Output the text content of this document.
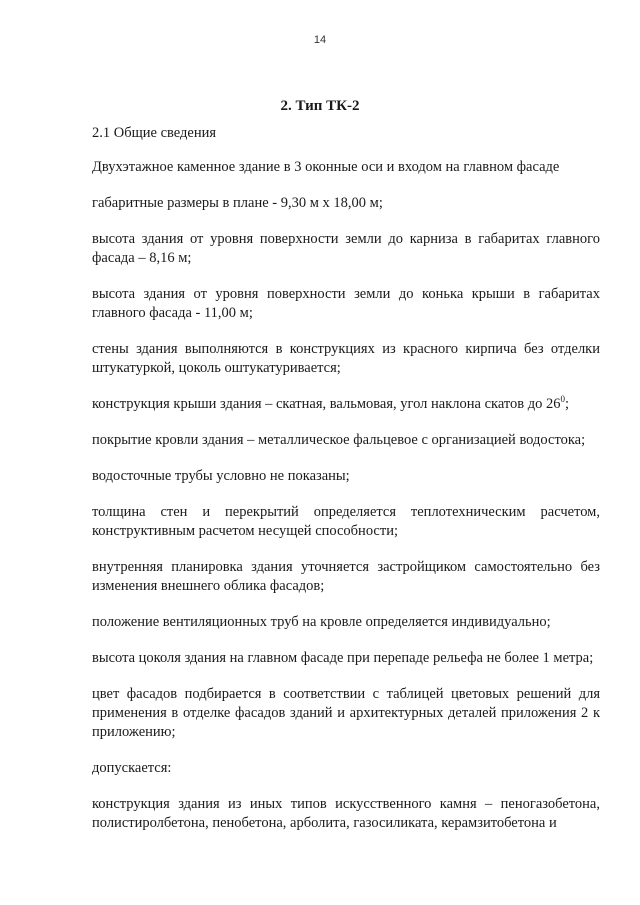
14
2. Тип ТК-2
2.1 Общие сведения

Двухэтажное каменное здание в 3 оконные оси и входом на главном фасаде

габаритные размеры в плане - 9,30 м х 18,00 м;

высота здания от уровня поверхности земли до карниза в габаритах главного фасада – 8,16 м;

высота здания от уровня поверхности земли до конька крыши в габаритах главного фасада - 11,00 м;

стены здания выполняются в конструкциях из красного кирпича без отделки штукатуркой, цоколь оштукатуривается;

конструкция крыши здания – скатная, вальмовая, угол наклона скатов до $26^0$;

покрытие кровли здания – металлическое фальцевое с организацией водостока;

водосточные трубы условно не показаны;

толщина стен и перекрытий определяется теплотехническим расчетом, конструктивным расчетом несущей способности;

внутренняя планировка здания уточняется застройщиком самостоятельно без изменения внешнего облика фасадов;

положение вентиляционных труб на кровле определяется индивидуально;

высота цоколя здания на главном фасаде при перепаде рельефа не более 1 метра;

цвет фасадов подбирается в соответствии с таблицей цветовых решений для применения в отделке фасадов зданий и архитектурных деталей приложения 2 к приложению;

допускается:

конструкция здания из иных типов искусственного камня – пеногазобетона, полистиролбетона, пенобетона, арболита, газосиликата, керамзитобетона и
